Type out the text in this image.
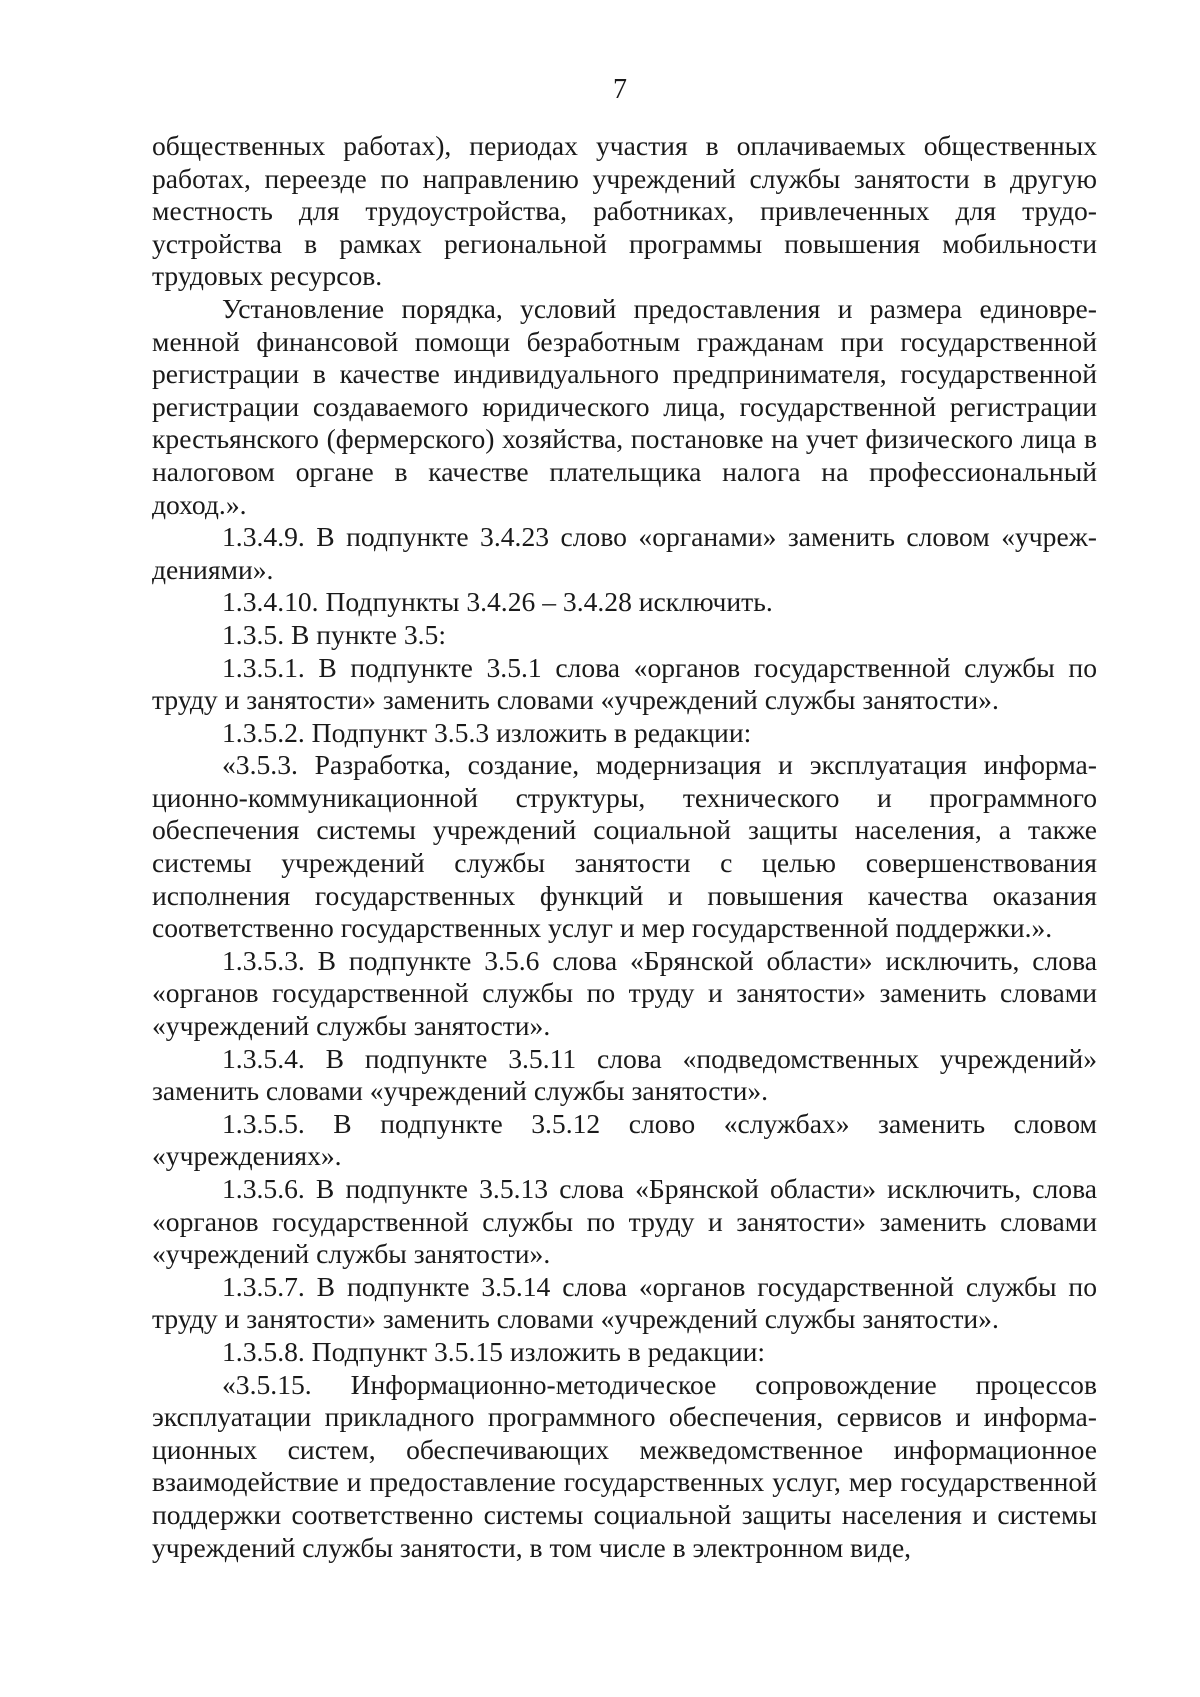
7

общественных работах), периодах участия в оплачиваемых общественных работах, переезде по направлению учреждений службы занятости в другую местность для трудоустройства, работниках, привлеченных для трудоустройства в рамках региональной программы повышения мобильности трудовых ресурсов.

Установление порядка, условий предоставления и размера единовременной финансовой помощи безработным гражданам при государственной регистрации в качестве индивидуального предпринимателя, государственной регистрации создаваемого юридического лица, государственной регистрации крестьянского (фермерского) хозяйства, постановке на учет физического лица в налоговом органе в качестве плательщика налога на профессиональный доход.».

1.3.4.9. В подпункте 3.4.23 слово «органами» заменить словом «учреждениями».

1.3.4.10. Подпункты 3.4.26 – 3.4.28 исключить.

1.3.5. В пункте 3.5:

1.3.5.1. В подпункте 3.5.1 слова «органов государственной службы по труду и занятости» заменить словами «учреждений службы занятости».

1.3.5.2. Подпункт 3.5.3 изложить в редакции:

«3.5.3. Разработка, создание, модернизация и эксплуатация информационно-коммуникационной структуры, технического и программного обеспечения системы учреждений социальной защиты населения, а также системы учреждений службы занятости с целью совершенствования исполнения государственных функций и повышения качества оказания соответственно государственных услуг и мер государственной поддержки.».

1.3.5.3. В подпункте 3.5.6 слова «Брянской области» исключить, слова «органов государственной службы по труду и занятости» заменить словами «учреждений службы занятости».

1.3.5.4. В подпункте 3.5.11 слова «подведомственных учреждений» заменить словами «учреждений службы занятости».

1.3.5.5. В подпункте 3.5.12 слово «службах» заменить словом «учреждениях».

1.3.5.6. В подпункте 3.5.13 слова «Брянской области» исключить, слова «органов государственной службы по труду и занятости» заменить словами «учреждений службы занятости».

1.3.5.7. В подпункте 3.5.14 слова «органов государственной службы по труду и занятости» заменить словами «учреждений службы занятости».

1.3.5.8. Подпункт 3.5.15 изложить в редакции:

«3.5.15. Информационно-методическое сопровождение процессов эксплуатации прикладного программного обеспечения, сервисов и информационных систем, обеспечивающих межведомственное информационное взаимодействие и предоставление государственных услуг, мер государственной поддержки соответственно системы социальной защиты населения и системы учреждений службы занятости, в том числе в электронном виде,
